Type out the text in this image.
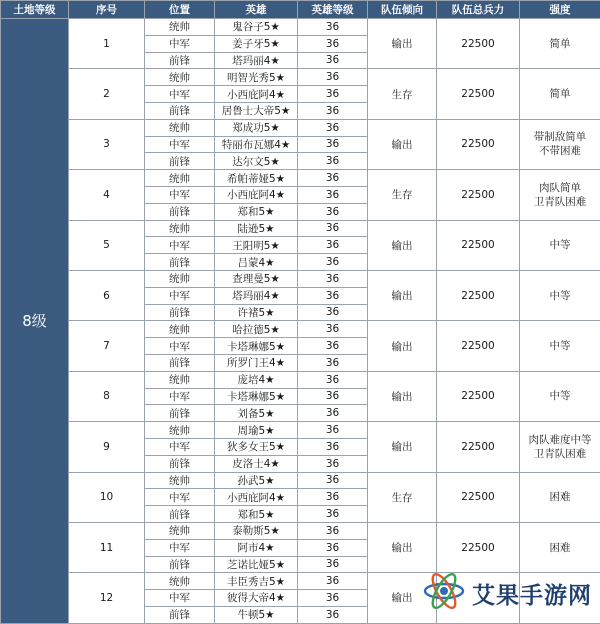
土地等级	序号	位置	英雄	英雄等级	队伍倾向	队伍总兵力	强度
8级	1	统帅	鬼谷子5★	36	输出	22500	简单
		中军	姜子牙5★	36			
		前锋	塔玛丽4★	36			
	2	统帅	明智光秀5★	36	生存	22500	简单
		中军	小西庇阿4★	36			
		前锋	居鲁士大帝5★	36			
	3	统帅	郑成功5★	36	输出	22500	带制敌简单
不带困难
		中军	特丽布瓦娜4★	36			
		前锋	达尔文5★	36			
	4	统帅	希帕蒂娅5★	36	生存	22500	肉队简单
卫青队困难
		中军	小西庇阿4★	36			
		前锋	郑和5★	36			
	5	统帅	陆逊5★	36	输出	22500	中等
		中军	王阳明5★	36			
		前锋	吕蒙4★	36			
	6	统帅	查理曼5★	36	输出	22500	中等
		中军	塔玛丽4★	36			
		前锋	许褚5★	36			
	7	统帅	哈拉德5★	36	输出	22500	中等
		中军	卡塔琳娜5★	36			
		前锋	所罗门王4★	36			
	8	统帅	庞培4★	36	输出	22500	中等
		中军	卡塔琳娜5★	36			
		前锋	刘备5★	36			
	9	统帅	周瑜5★	36	输出	22500	肉队难度中等
卫青队困难
		中军	狄多女王5★	36			
		前锋	皮洛士4★	36			
	10	统帅	孙武5★	36	生存	22500	困难
		中军	小西庇阿4★	36			
		前锋	郑和5★	36			
	11	统帅	泰勒斯5★	36	输出	22500	困难
		中军	阿市4★	36			
		前锋	芝诺比娅5★	36			
	12	统帅	丰臣秀吉5★	36	输出		
		中军	彼得大帝4★	36			
		前锋	牛顿5★	36			
艾果手游网
